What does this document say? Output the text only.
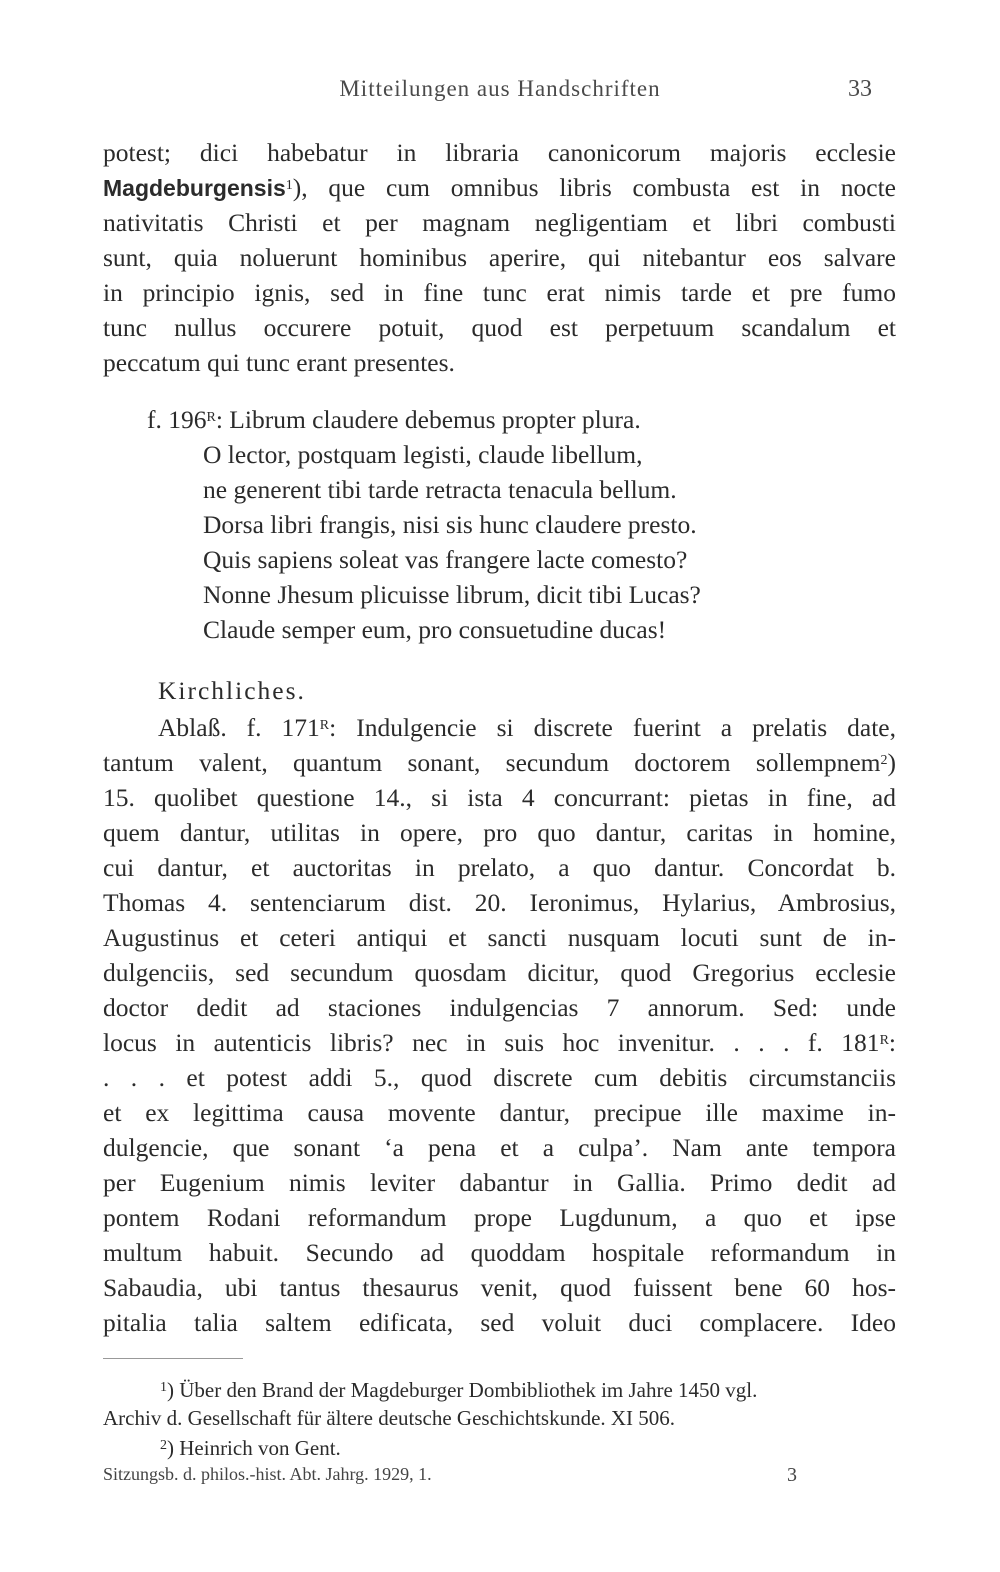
Mitteilungen aus Handschriften	33
potest; dici habebatur in libraria canonicorum majoris ecclesie
Magdeburgensis$^1$), que cum omnibus libris combusta est in nocte
nativitatis Christi et per magnam negligentiam et libri combusti
sunt, quia noluerunt hominibus aperire, qui nitebantur eos salvare
in principio ignis, sed in fine tunc erat nimis tarde et pre fumo
tunc nullus occurere potuit, quod est perpetuum scandalum et
peccatum qui tunc erant presentes.
f. $196^R$: Librum claudere debemus propter plura.
O lector, postquam legisti, claude libellum,
ne generent tibi tarde retracta tenacula bellum.
Dorsa libri frangis, nisi sis hunc claudere presto.
Quis sapiens soleat vas frangere lacte comesto?
Nonne Jhesum plicuisse librum, dicit tibi Lucas?
Claude semper eum, pro consuetudine ducas!
Kirchliches.
Ablaß. f. $171^R$: Indulgencie si discrete fuerint a prelatis date,
tantum valent, quantum sonant, secundum doctorem sollempnem$^2$)
15. quolibet questione 14., si ista 4 concurrant: pietas in fine, ad
quem dantur, utilitas in opere, pro quo dantur, caritas in homine,
cui dantur, et auctoritas in prelato, a quo dantur. Concordat b.
Thomas 4. sentenciarum dist. 20. Ieronimus, Hylarius, Ambrosius,
Augustinus et ceteri antiqui et sancti nusquam locuti sunt de in-
dulgenciis, sed secundum quosdam dicitur, quod Gregorius ecclesie
doctor dedit ad staciones indulgencias 7 annorum. Sed: unde
locus in autenticis libris? nec in suis hoc invenitur. . . . f. $181^R$:
. . . et potest addi 5., quod discrete cum debitis circumstanciis
et ex legittima causa movente dantur, precipue ille maxime in-
dulgencie, que sonant ‘a pena et a culpa’. Nam ante tempora
per Eugenium nimis leviter dabantur in Gallia. Primo dedit ad
pontem Rodani reformandum prope Lugdunum, a quo et ipse
multum habuit. Secundo ad quoddam hospitale reformandum in
Sabaudia, ubi tantus thesaurus venit, quod fuissent bene 60 hos-
pitalia talia saltem edificata, sed voluit duci complacere. Ideo
$^1$) Über den Brand der Magdeburger Dombibliothek im Jahre 1450 vgl.
Archiv d. Gesellschaft für ältere deutsche Geschichtskunde. XI 506.
$^2$) Heinrich von Gent.
Sitzungsb. d. philos.-hist. Abt. Jahrg. 1929, 1.	3
